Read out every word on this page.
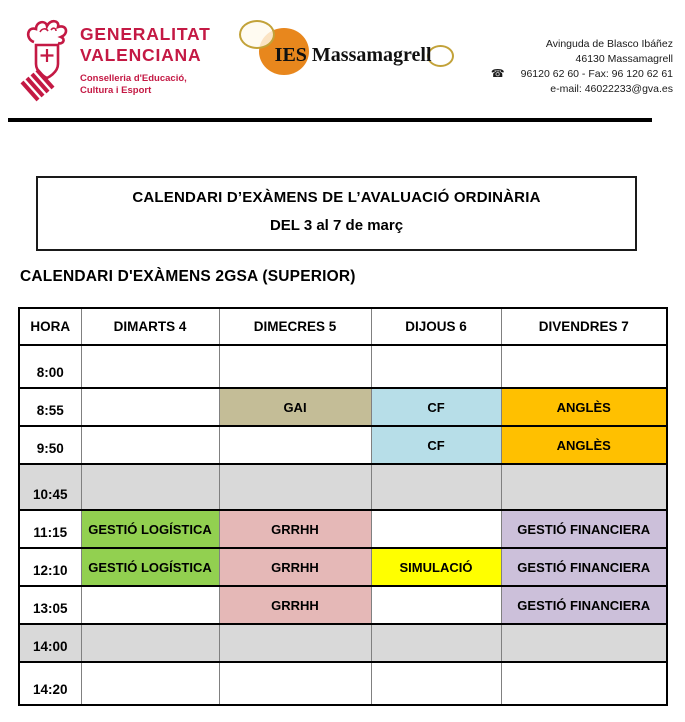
GENERALITAT
VALENCIANA
Conselleria d'Educació,
Cultura i Esport
IES Massamagrell	Avinguda de Blasco Ibáñez
46130 Massamagrell
☎ 96120 62 60 - Fax: 96 120 62 61
e-mail: 46022233@gva.es
CALENDARI D’EXÀMENS DE L’AVALUACIÓ ORDINÀRIA
DEL 3 al 7 de març
CALENDARI D'EXÀMENS 2GSA (SUPERIOR)
HORA	DIMARTS 4	DIMECRES 5	DIJOUS 6	DIVENDRES 7
8:00				
8:55		GAI	CF	ANGLÈS
9:50			CF	ANGLÈS
10:45				
11:15	GESTIÓ LOGÍSTICA	GRRHH		GESTIÓ FINANCIERA
12:10	GESTIÓ LOGÍSTICA	GRRHH	SIMULACIÓ	GESTIÓ FINANCIERA
13:05		GRRHH		GESTIÓ FINANCIERA
14:00				
14:20				
